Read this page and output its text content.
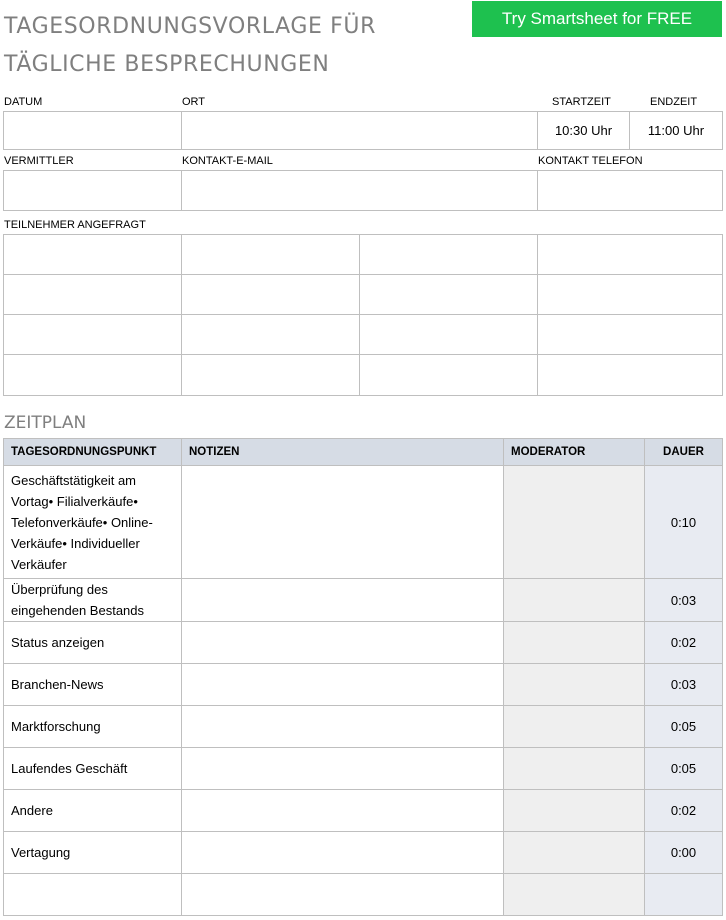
TAGESORDNUNGSVORLAGE FÜR TÄGLICHE BESPRECHUNGEN
Try Smartsheet for FREE
DATUM	ORT	STARTZEIT	ENDZEIT
		10:30 Uhr	11:00 Uhr
VERMITTLER	KONTAKT-E-MAIL	KONTAKT TELEFON

TEILNEHMER ANGEFRAGT

ZEITPLAN
TAGESORDNUNGSPUNKT	NOTIZEN	MODERATOR	DAUER
Geschäftstätigkeit am Vortag• Filialverkäufe• Telefonverkäufe• Online-Verkäufe• Individueller Verkäufer			0:10
Überprüfung des eingehenden Bestands			0:03
Status anzeigen			0:02
Branchen-News			0:03
Marktforschung			0:05
Laufendes Geschäft			0:05
Andere			0:02
Vertagung			0:00
